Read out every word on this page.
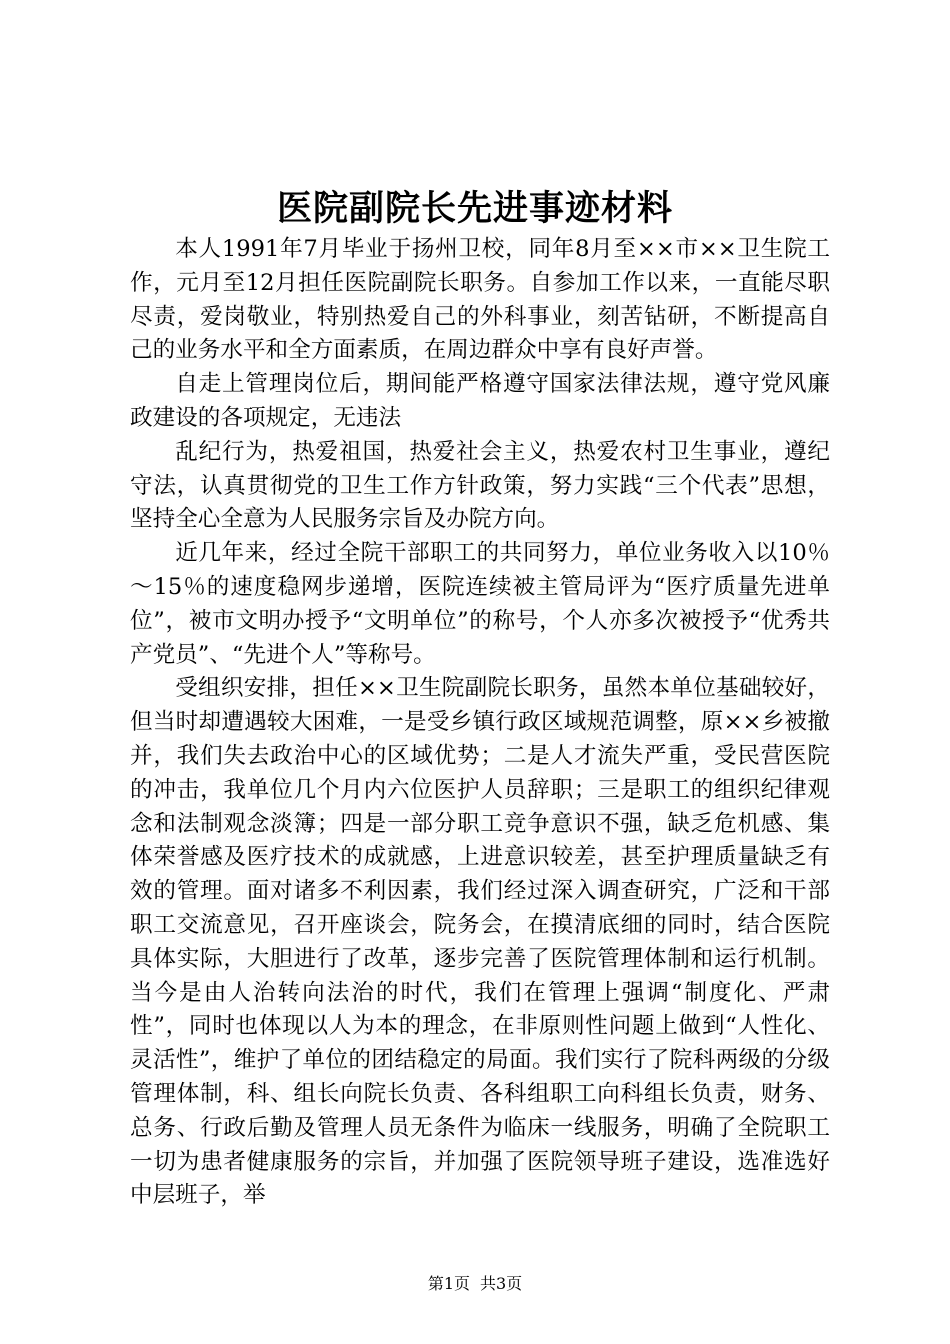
医院副院长先进事迹材料

本人1991年7月毕业于扬州卫校，同年8月至××市××卫生院工作，元月至12月担任医院副院长职务。自参加工作以来，一直能尽职尽责，爱岗敬业，特别热爱自己的外科事业，刻苦钻研，不断提高自己的业务水平和全方面素质，在周边群众中享有良好声誉。

自走上管理岗位后，期间能严格遵守国家法律法规，遵守党风廉政建设的各项规定，无违法

乱纪行为，热爱祖国，热爱社会主义，热爱农村卫生事业，遵纪守法，认真贯彻党的卫生工作方针政策，努力实践“三个代表”思想，坚持全心全意为人民服务宗旨及办院方向。

近几年来，经过全院干部职工的共同努力，单位业务收入以10％～15％的速度稳网步递增，医院连续被主管局评为“医疗质量先进单位”，被市文明办授予“文明单位”的称号，个人亦多次被授予“优秀共产党员”、“先进个人”等称号。

受组织安排，担任××卫生院副院长职务，虽然本单位基础较好，但当时却遭遇较大困难，一是受乡镇行政区域规范调整，原××乡被撤并，我们失去政治中心的区域优势；二是人才流失严重，受民营医院的冲击，我单位几个月内六位医护人员辞职；三是职工的组织纪律观念和法制观念淡簿；四是一部分职工竞争意识不强，缺乏危机感、集体荣誉感及医疗技术的成就感，上进意识较差，甚至护理质量缺乏有效的管理。面对诸多不利因素，我们经过深入调查研究，广泛和干部职工交流意见，召开座谈会，院务会，在摸清底细的同时，结合医院具体实际，大胆进行了改革，逐步完善了医院管理体制和运行机制。当今是由人治转向法治的时代，我们在管理上强调“制度化、严肃性”，同时也体现以人为本的理念，在非原则性问题上做到“人性化、灵活性”，维护了单位的团结稳定的局面。我们实行了院科两级的分级管理体制，科、组长向院长负责、各科组职工向科组长负责，财务、总务、行政后勤及管理人员无条件为临床一线服务，明确了全院职工一切为患者健康服务的宗旨，并加强了医院领导班子建设，选准选好中层班子，举

第1页 共3页
